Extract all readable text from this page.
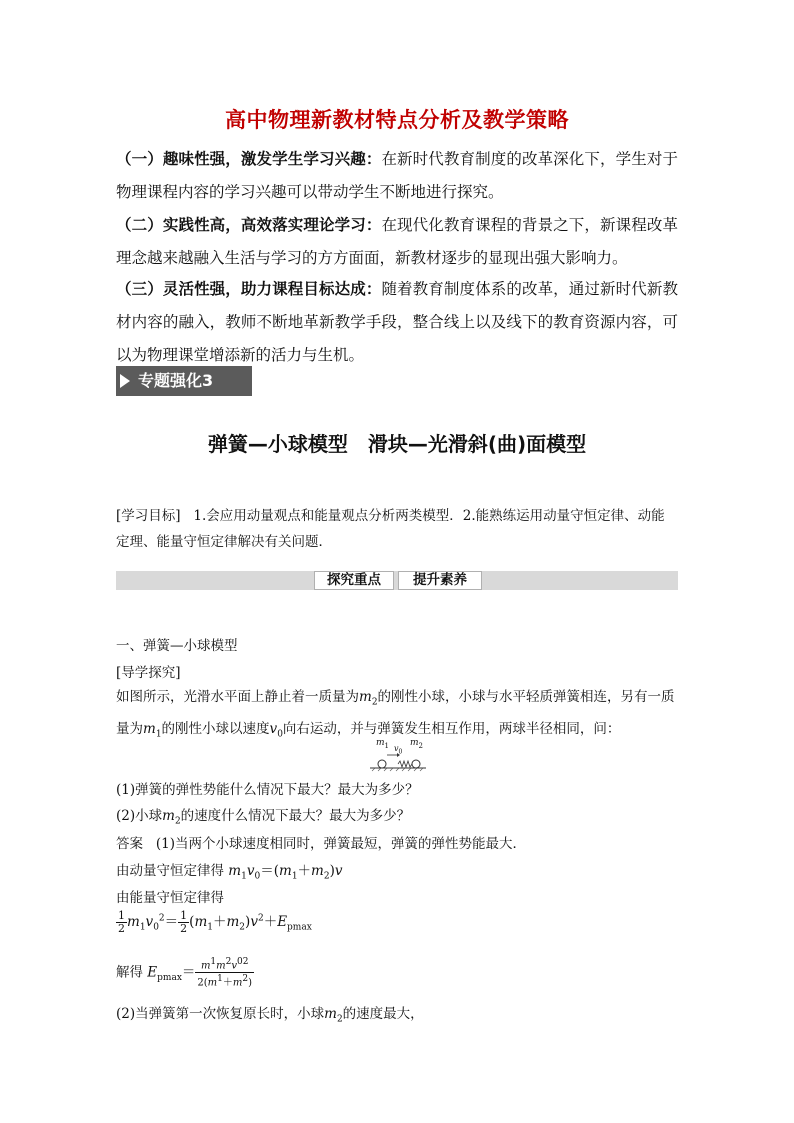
高中物理新教材特点分析及教学策略
（一）趣味性强，激发学生学习兴趣：在新时代教育制度的改革深化下，学生对于物理课程内容的学习兴趣可以带动学生不断地进行探究。
（二）实践性高，高效落实理论学习：在现代化教育课程的背景之下，新课程改革理念越来越融入生活与学习的方方面面，新教材逐步的显现出强大影响力。
（三）灵活性强，助力课程目标达成：随着教育制度体系的改革，通过新时代新教材内容的融入，教师不断地革新教学手段，整合线上以及线下的教育资源内容，可以为物理课堂增添新的活力与生机。
专题强化3
弹簧—小球模型　滑块—光滑斜(曲)面模型
[学习目标] 1.会应用动量观点和能量观点分析两类模型．2.能熟练运用动量守恒定律、动能定理、能量守恒定律解决有关问题．
探究重点	提升素养
一、弹簧—小球模型
[导学探究]
如图所示，光滑水平面上静止着一质量为$m_2$的刚性小球，小球与水平轻质弹簧相连，另有一质量为$m_1$的刚性小球以速度$v_0$向右运动，并与弹簧发生相互作用，两球半径相同，问：
$m_1$ $v_0$
$m_2$
(1)弹簧的弹性势能什么情况下最大？最大为多少？
(2)小球$m_2$的速度什么情况下最大？最大为多少？
答案 (1)当两个小球速度相同时，弹簧最短，弹簧的弹性势能最大．
由动量守恒定律得 $m_1v_0=(m_1+m_2)v$
由能量守恒定律得
$\frac{1}{2} m_1v_0^2= \frac{1}{2} (m_1+m_2)v^2+E_{pmax}$
解得 $E_{pmax}= \frac{m^1m^2v^{02}}{2(m^1+m^2)}$
(2)当弹簧第一次恢复原长时，小球$m_2$的速度最大，
